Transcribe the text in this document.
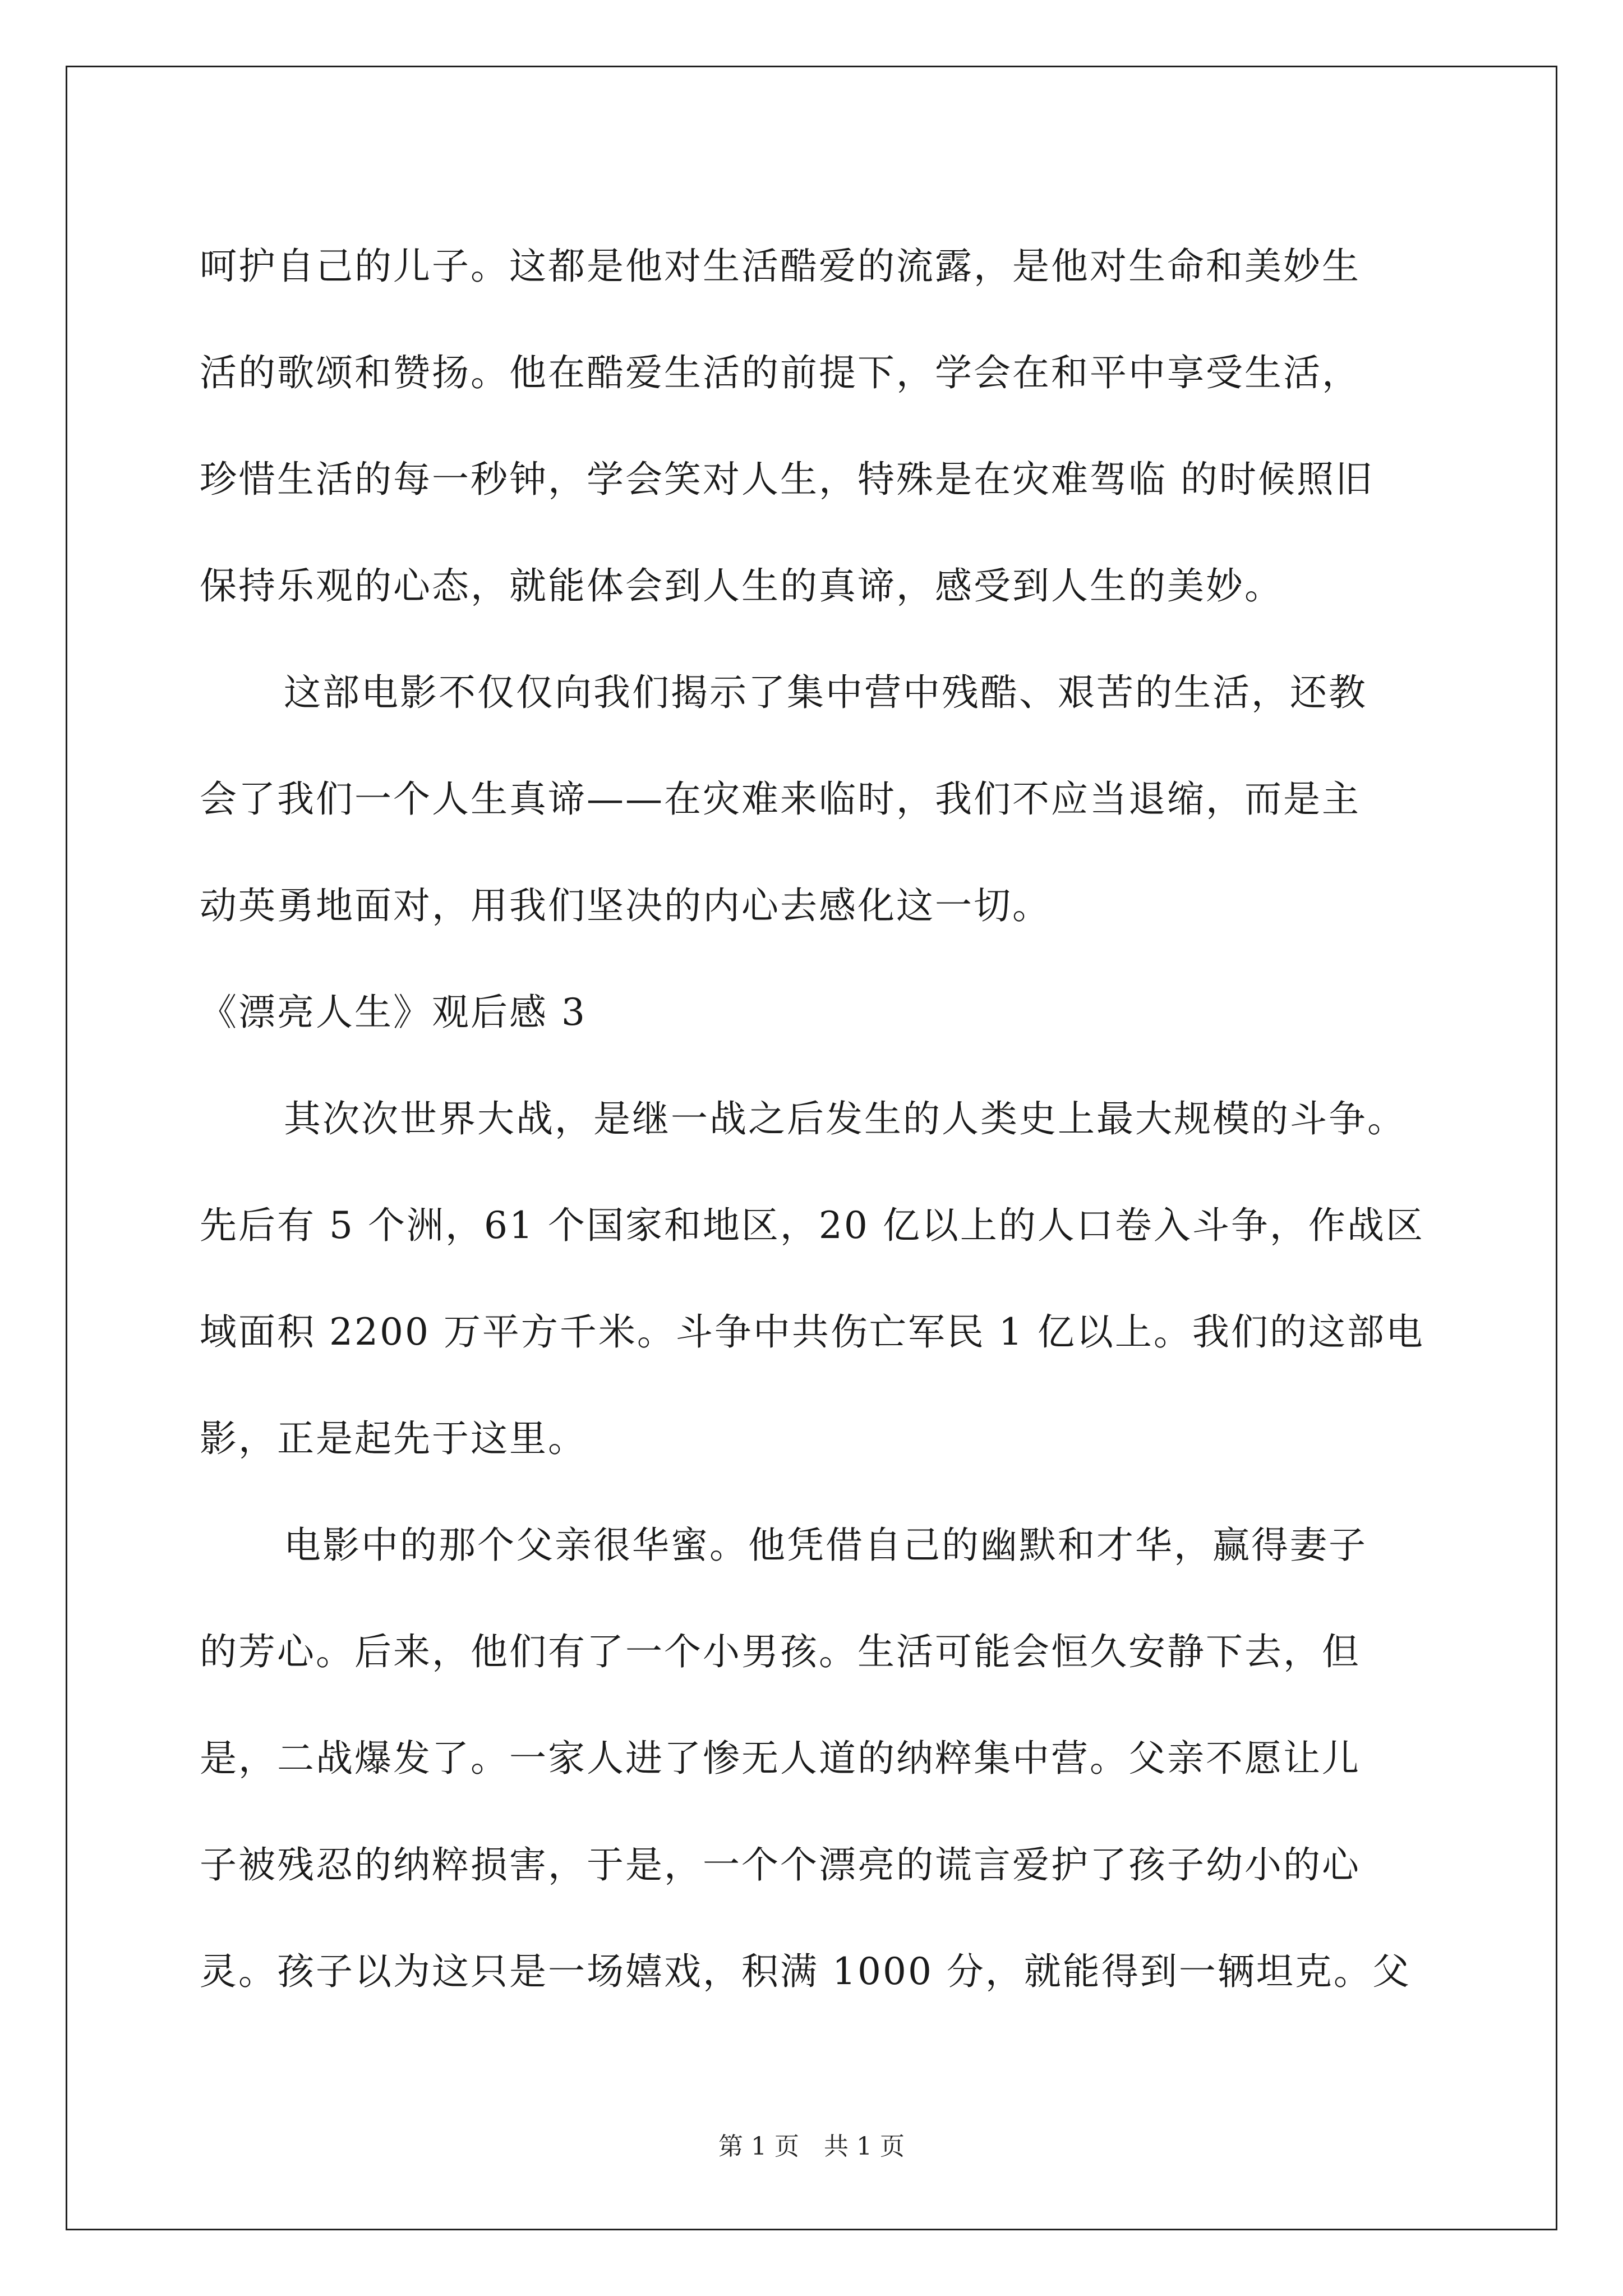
呵护自己的儿子。这都是他对生活酷爱的流露，是他对生命和美妙生
活的歌颂和赞扬。他在酷爱生活的前提下，学会在和平中享受生活，
珍惜生活的每一秒钟，学会笑对人生，特殊是在灾难驾临 的时候照旧
保持乐观的心态，就能体会到人生的真谛，感受到人生的美妙。
这部电影不仅仅向我们揭示了集中营中残酷、艰苦的生活，还教
会了我们一个人生真谛——在灾难来临时，我们不应当退缩，而是主
动英勇地面对，用我们坚决的内心去感化这一切。
《漂亮人生》观后感 3
其次次世界大战，是继一战之后发生的人类史上最大规模的斗争。
先后有 5 个洲，61 个国家和地区，20 亿以上的人口卷入斗争，作战区
域面积 2200 万平方千米。斗争中共伤亡军民 1 亿以上。我们的这部电
影，正是起先于这里。
电影中的那个父亲很华蜜。他凭借自己的幽默和才华，赢得妻子
的芳心。后来，他们有了一个小男孩。生活可能会恒久安静下去，但
是，二战爆发了。一家人进了惨无人道的纳粹集中营。父亲不愿让儿
子被残忍的纳粹损害，于是，一个个漂亮的谎言爱护了孩子幼小的心
灵。孩子以为这只是一场嬉戏，积满 1000 分，就能得到一辆坦克。父
第 1 页　共 1 页
